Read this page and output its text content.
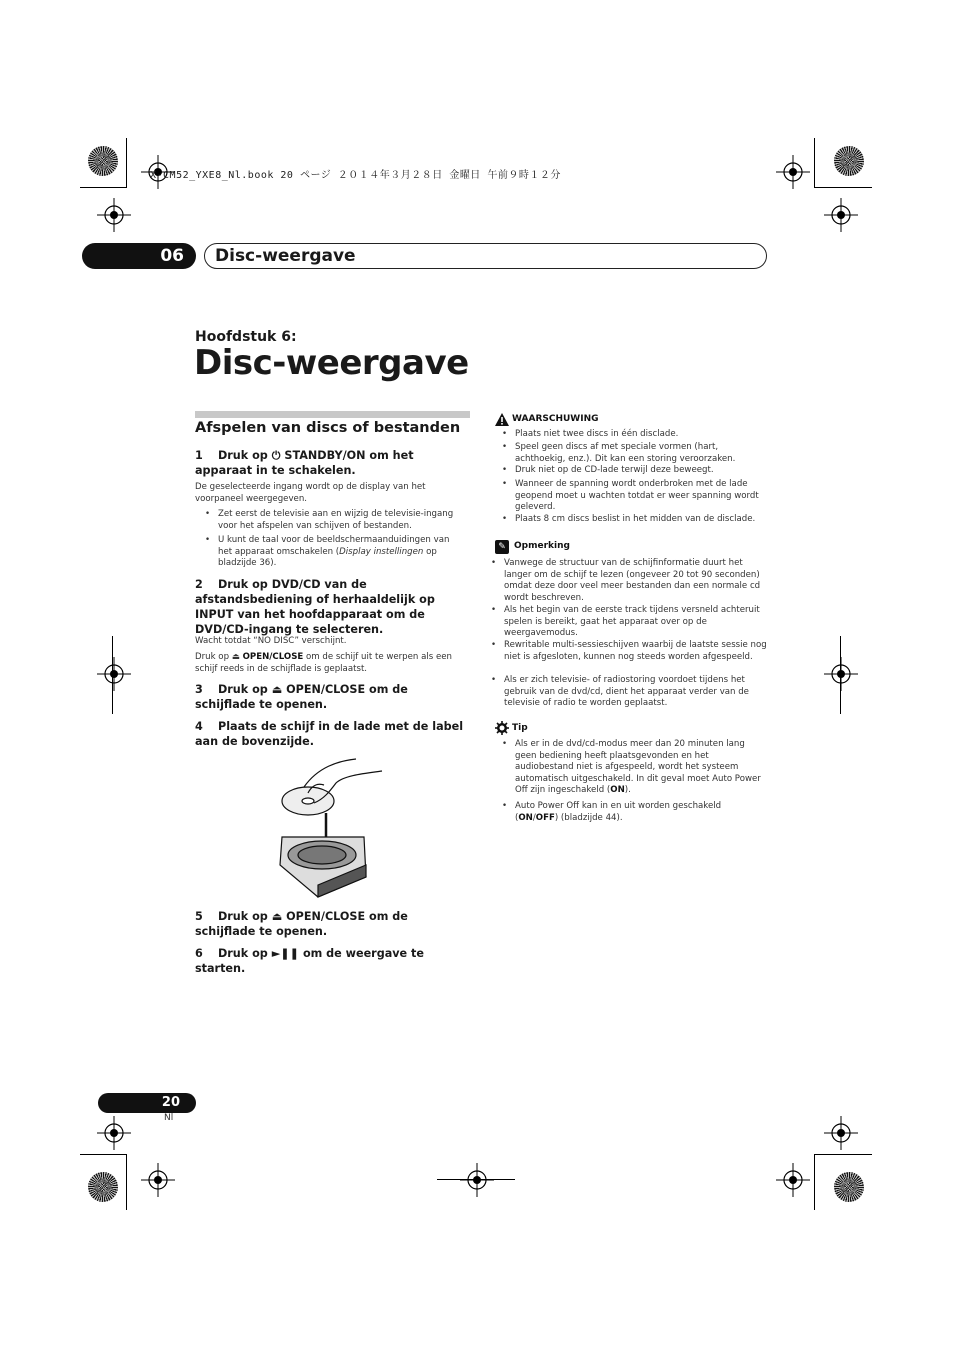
X-CM52_YXE8_Nl.book 20 ページ ２０１４年３月２８日 金曜日 午前９時１２分
06	Disc-weergave
Hoofdstuk 6:
Disc-weergave
Afspelen van discs of bestanden
1 Druk op ⏻ STANDBY/ON om het apparaat in te schakelen.
De geselecteerde ingang wordt op de display van het voorpaneel weergegeven.
• Zet eerst de televisie aan en wijzig de televisie-ingang voor het afspelen van schijven of bestanden.
• U kunt de taal voor de beeldschermaanduidingen van het apparaat omschakelen (Display instellingen op bladzijde 36).
2 Druk op DVD/CD van de afstandsbediening of herhaaldelijk op INPUT van het hoofdapparaat om de DVD/CD-ingang te selecteren.
Wacht totdat “NO DISC” verschijnt.
Druk op ⏏ OPEN/CLOSE om de schijf uit te werpen als een schijf reeds in de schijflade is geplaatst.
3 Druk op ⏏ OPEN/CLOSE om de schijflade te openen.
4 Plaats de schijf in de lade met de label aan de bovenzijde.
5 Druk op ⏏ OPEN/CLOSE om de schijflade te openen.
6 Druk op ►❚❚ om de weergave te starten.
WAARSCHUWING
• Plaats niet twee discs in één disclade.
• Speel geen discs af met speciale vormen (hart, achthoekig, enz.). Dit kan een storing veroorzaken.
• Druk niet op de CD-lade terwijl deze beweegt.
• Wanneer de spanning wordt onderbroken met de lade geopend moet u wachten totdat er weer spanning wordt geleverd.
• Plaats 8 cm discs beslist in het midden van de disclade.
✎ Opmerking
• Vanwege de structuur van de schijfinformatie duurt het langer om de schijf te lezen (ongeveer 20 tot 90 seconden) omdat deze door veel meer bestanden dan een normale cd wordt beschreven.
• Als het begin van de eerste track tijdens versneld achteruit spelen is bereikt, gaat het apparaat over op de weergavemodus.
• Rewritable multi-sessieschijven waarbij de laatste sessie nog niet is afgesloten, kunnen nog steeds worden afgespeeld.
• Als er zich televisie- of radiostoring voordoet tijdens het gebruik van de dvd/cd, dient het apparaat verder van de televisie of radio te worden geplaatst.
Tip
• Als er in de dvd/cd-modus meer dan 20 minuten lang geen bediening heeft plaatsgevonden en het audiobestand niet is afgespeeld, wordt het systeem automatisch uitgeschakeld. In dit geval moet Auto Power Off zijn ingeschakeld (ON).
• Auto Power Off kan in en uit worden geschakeld (ON/OFF) (bladzijde 44).
20
Nl
